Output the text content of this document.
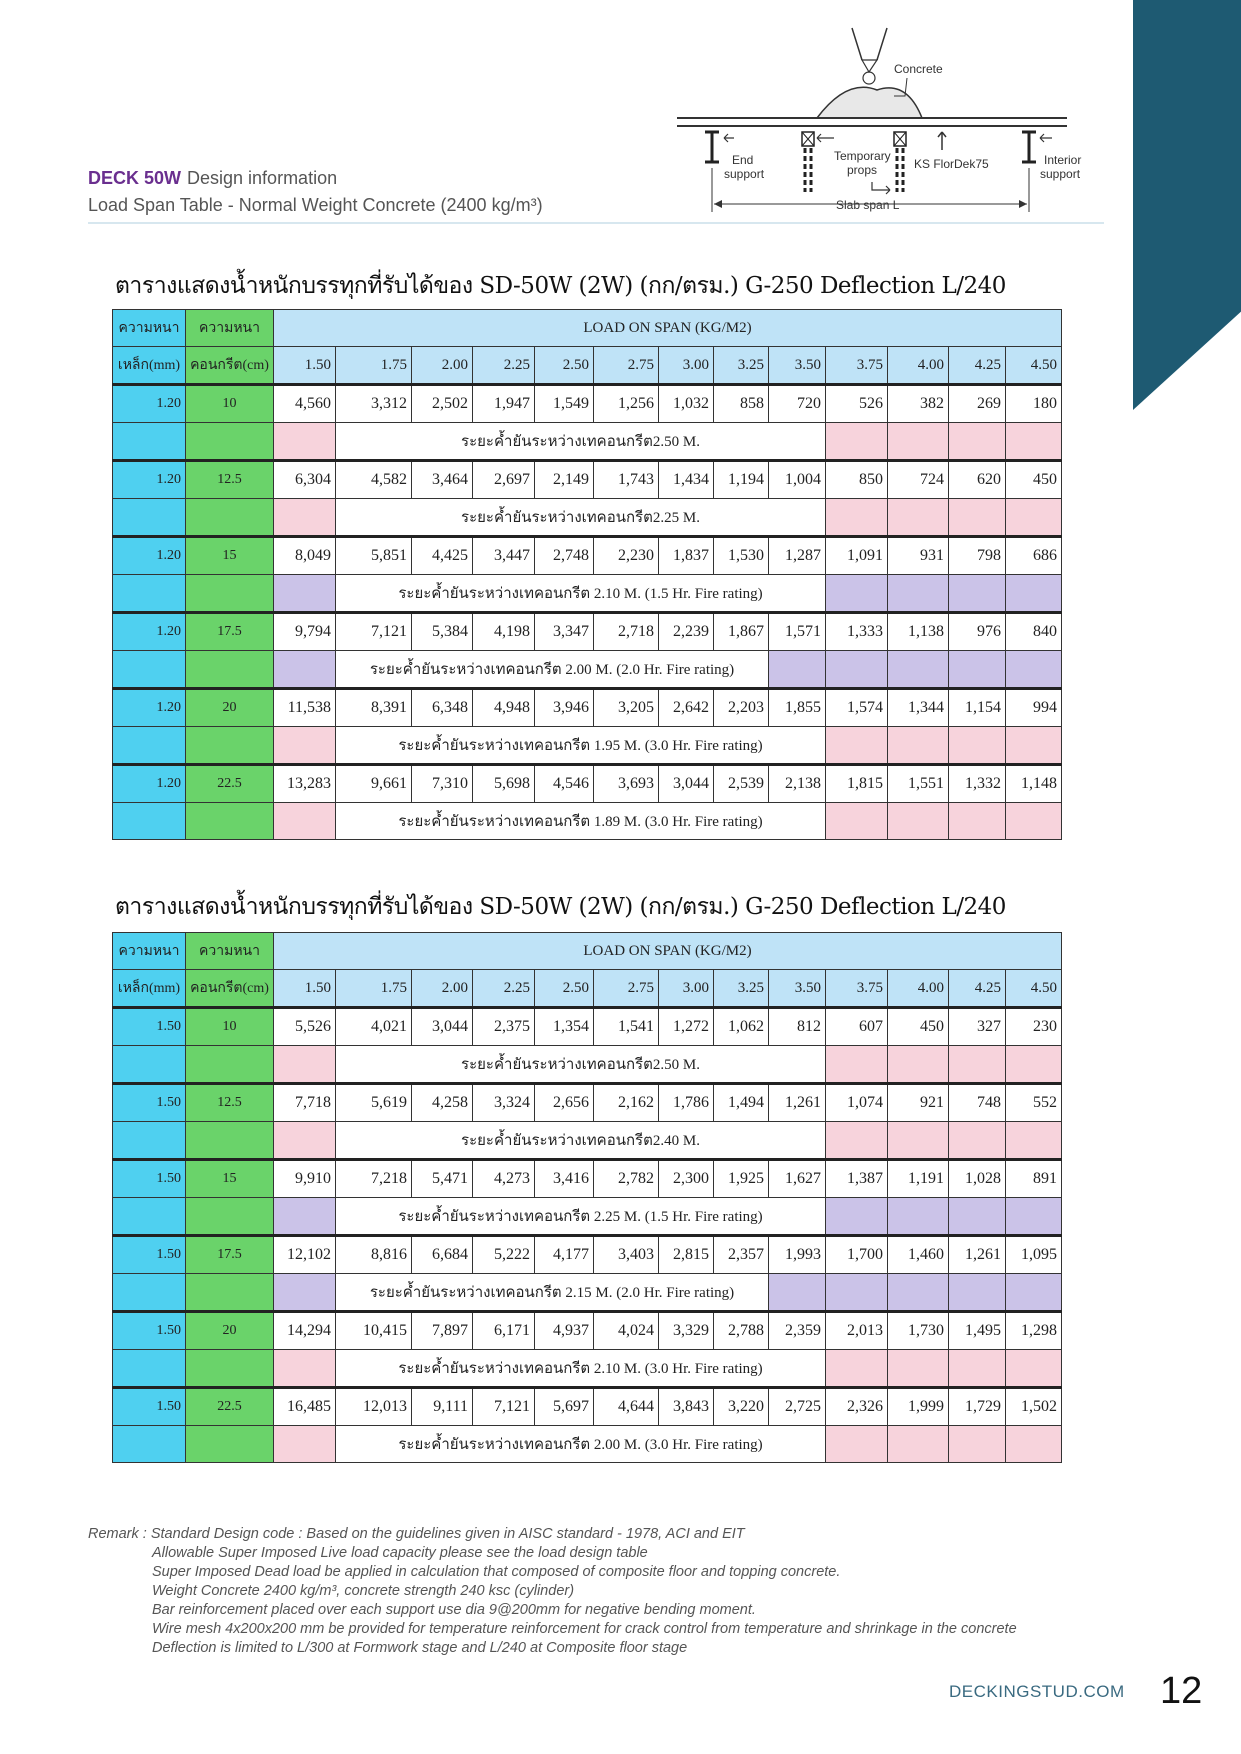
DECK 50W Design information
Load Span Table - Normal Weight Concrete (2400 kg/m³)
Concrete
End
support
Temporary
props	KS FlorDek75	Interior
support
Slab span L
ตารางแสดงน้ำหนักบรรทุกที่รับได้ของ SD-50W (2W) (กก/ตรม.) G-250 Deflection L/240
ความหนา	ความหนา	LOAD ON SPAN (KG/M2)												
เหล็ก(mm)	คอนกรีต(cm)	1.50	1.75	2.00	2.25	2.50	2.75	3.00	3.25	3.50	3.75	4.00	4.25	4.50
1.20	10	4,560	3,312	2,502	1,947	1,549	1,256	1,032	858	720	526	382	269	180
			ระยะค้ำยันระหว่างเทคอนกรีต2.50 M.											
1.20	12.5	6,304	4,582	3,464	2,697	2,149	1,743	1,434	1,194	1,004	850	724	620	450
			ระยะค้ำยันระหว่างเทคอนกรีต2.25 M.											
1.20	15	8,049	5,851	4,425	3,447	2,748	2,230	1,837	1,530	1,287	1,091	931	798	686
			ระยะค้ำยันระหว่างเทคอนกรีต 2.10 M. (1.5 Hr. Fire rating)											
1.20	17.5	9,794	7,121	5,384	4,198	3,347	2,718	2,239	1,867	1,571	1,333	1,138	976	840
			ระยะค้ำยันระหว่างเทคอนกรีต 2.00 M. (2.0 Hr. Fire rating)											
1.20	20	11,538	8,391	6,348	4,948	3,946	3,205	2,642	2,203	1,855	1,574	1,344	1,154	994
			ระยะค้ำยันระหว่างเทคอนกรีต 1.95 M. (3.0 Hr. Fire rating)											
1.20	22.5	13,283	9,661	7,310	5,698	4,546	3,693	3,044	2,539	2,138	1,815	1,551	1,332	1,148
			ระยะค้ำยันระหว่างเทคอนกรีต 1.89 M. (3.0 Hr. Fire rating)											
ตารางแสดงน้ำหนักบรรทุกที่รับได้ของ SD-50W (2W) (กก/ตรม.) G-250 Deflection L/240
ความหนา	ความหนา	LOAD ON SPAN (KG/M2)												
เหล็ก(mm)	คอนกรีต(cm)	1.50	1.75	2.00	2.25	2.50	2.75	3.00	3.25	3.50	3.75	4.00	4.25	4.50
1.50	10	5,526	4,021	3,044	2,375	1,354	1,541	1,272	1,062	812	607	450	327	230
			ระยะค้ำยันระหว่างเทคอนกรีต2.50 M.											
1.50	12.5	7,718	5,619	4,258	3,324	2,656	2,162	1,786	1,494	1,261	1,074	921	748	552
			ระยะค้ำยันระหว่างเทคอนกรีต2.40 M.											
1.50	15	9,910	7,218	5,471	4,273	3,416	2,782	2,300	1,925	1,627	1,387	1,191	1,028	891
			ระยะค้ำยันระหว่างเทคอนกรีต 2.25 M. (1.5 Hr. Fire rating)											
1.50	17.5	12,102	8,816	6,684	5,222	4,177	3,403	2,815	2,357	1,993	1,700	1,460	1,261	1,095
			ระยะค้ำยันระหว่างเทคอนกรีต 2.15 M. (2.0 Hr. Fire rating)											
1.50	20	14,294	10,415	7,897	6,171	4,937	4,024	3,329	2,788	2,359	2,013	1,730	1,495	1,298
			ระยะค้ำยันระหว่างเทคอนกรีต 2.10 M. (3.0 Hr. Fire rating)											
1.50	22.5	16,485	12,013	9,111	7,121	5,697	4,644	3,843	3,220	2,725	2,326	1,999	1,729	1,502
			ระยะค้ำยันระหว่างเทคอนกรีต 2.00 M. (3.0 Hr. Fire rating)											
Remark : Standard Design code : Based on the guidelines given in AISC standard - 1978, ACI and EIT
Allowable Super Imposed Live load capacity please see the load design table
Super Imposed Dead load be applied in calculation that composed of composite floor and topping concrete.
Weight Concrete 2400 kg/m³, concrete strength 240 ksc (cylinder)
Bar reinforcement placed over each support use dia 9@200mm for negative bending moment.
Wire mesh 4x200x200 mm be provided for temperature reinforcement for crack control from temperature and shrinkage in the concrete
Deflection is limited to L/300 at Formwork stage and L/240 at Composite floor stage
DECKINGSTUD.COM 12
